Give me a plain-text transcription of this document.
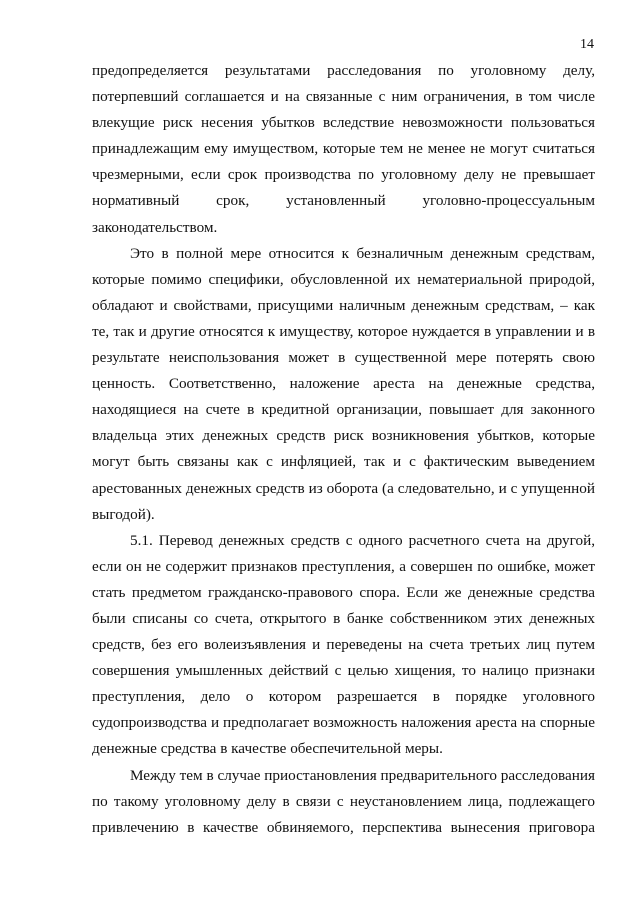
14

предопределяется результатами расследования по уголовному делу, потерпевший соглашается и на связанные с ним ограничения, в том числе влекущие риск несения убытков вследствие невозможности пользоваться принадлежащим ему имуществом, которые тем не менее не могут считаться чрезмерными, если срок производства по уголовному делу не превышает нормативный срок, установленный уголовно-процессуальным законодательством.

Это в полной мере относится к безналичным денежным средствам, которые помимо специфики, обусловленной их нематериальной природой, обладают и свойствами, присущими наличным денежным средствам, – как те, так и другие относятся к имуществу, которое нуждается в управлении и в результате неиспользования может в существенной мере потерять свою ценность. Соответственно, наложение ареста на денежные средства, находящиеся на счете в кредитной организации, повышает для законного владельца этих денежных средств риск возникновения убытков, которые могут быть связаны как с инфляцией, так и с фактическим выведением арестованных денежных средств из оборота (а следовательно, и с упущенной выгодой).

5.1. Перевод денежных средств с одного расчетного счета на другой, если он не содержит признаков преступления, а совершен по ошибке, может стать предметом гражданско-правового спора. Если же денежные средства были списаны со счета, открытого в банке собственником этих денежных средств, без его волеизъявления и переведены на счета третьих лиц путем совершения умышленных действий с целью хищения, то налицо признаки преступления, дело о котором разрешается в порядке уголовного судопроизводства и предполагает возможность наложения ареста на спорные денежные средства в качестве обеспечительной меры.

Между тем в случае приостановления предварительного расследования по такому уголовному делу в связи с неустановлением лица, подлежащего привлечению в качестве обвиняемого, перспектива вынесения приговора
